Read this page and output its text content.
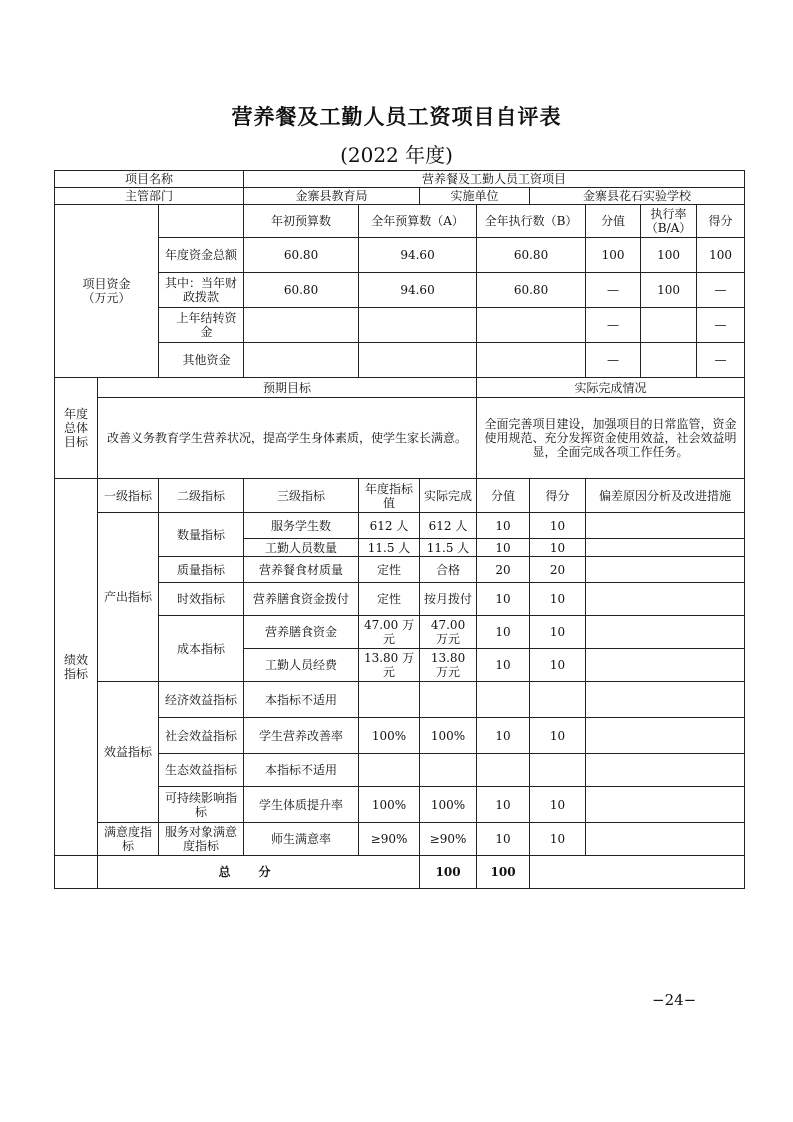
营养餐及工勤人员工资项目自评表
(2022 年度)
项目名称			营养餐及工勤人员工资项目							
主管部门			金寨县教育局		实施单位		金寨县花石实验学校			
项目资金
（万元）			年初预算数	全年预算数（A）		全年执行数（B）		分值	执行率（B/A）	得分
		年度资金总额	60.80	94.60		60.80		100	100	100
		其中：当年财政拨款	60.80	94.60		60.80		—	100	—
		上年结转资金						—		—
		其他资金						—		—
年度
总体
目标	预期目标					实际完成情况				
	改善义务教育学生营养状况，提高学生身体素质，使学生家长满意。					全面完善项目建设，加强项目的日常监管，资金使用规范、充分发挥资金使用效益，社会效益明显，全面完成各项工作任务。				
绩效
指标	一级指标	二级指标	三级指标	年度指标值	实际完成	分值	得分	偏差原因分析及改进措施		
	产出指标	数量指标	服务学生数	612 人	612 人	10	10			
			工勤人员数量	11.5 人	11.5 人	10	10			
		质量指标	营养餐食材质量	定性	合格	20	20			
		时效指标	营养膳食资金拨付	定性	按月拨付	10	10			
		成本指标	营养膳食资金	47.00 万元	47.00 万元	10	10			
			工勤人员经费	13.80 万元	13.80 万元	10	10			
	效益指标	经济效益指标	本指标不适用							
		社会效益指标	学生营养改善率	100%	100%	10	10			
		生态效益指标	本指标不适用							
		可持续影响指标	学生体质提升率	100%	100%	10	10			
	满意度指标	服务对象满意度指标	师生满意率	≥90%	≥90%	10	10			
	总分				100	100				
−24−
